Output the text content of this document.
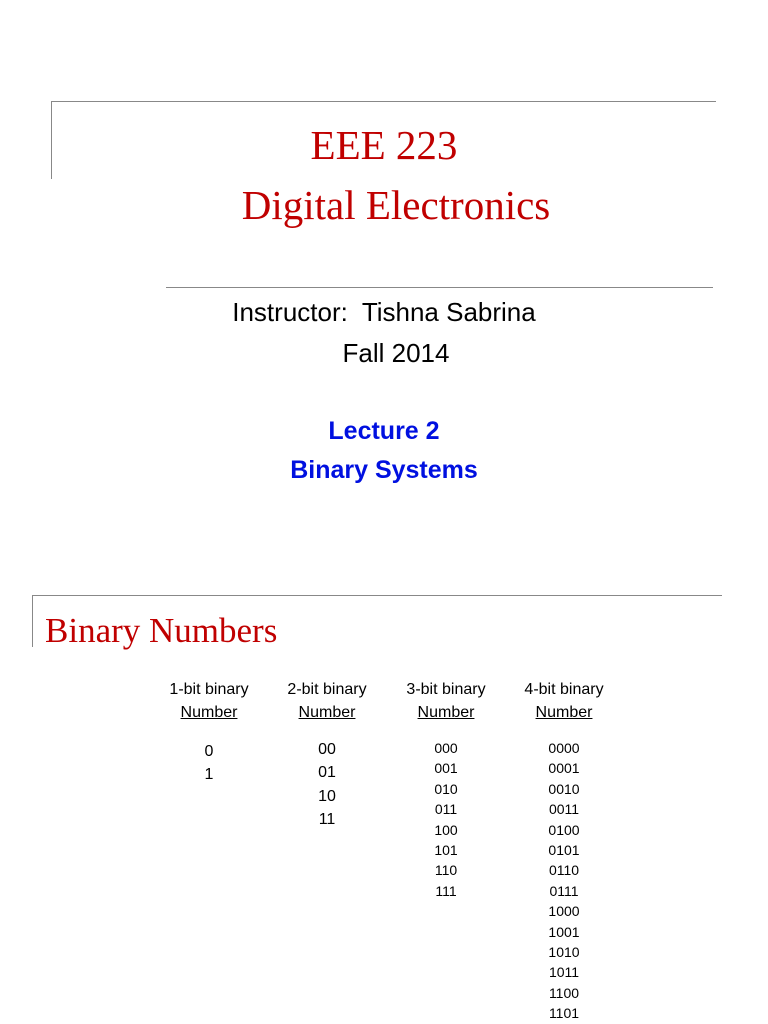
EEE 223
Digital Electronics
Instructor:  Tishna Sabrina
Fall 2014
Lecture 2
Binary Systems
Binary Numbers
1-bit binary
Number
0
1
2-bit binary
Number
00
01
10
11
3-bit binary
Number
000
001
010
011
100
101
110
111
4-bit binary
Number
0000
0001
0010
0011
0100
0101
0110
0111
1000
1001
1010
1011
1100
1101
